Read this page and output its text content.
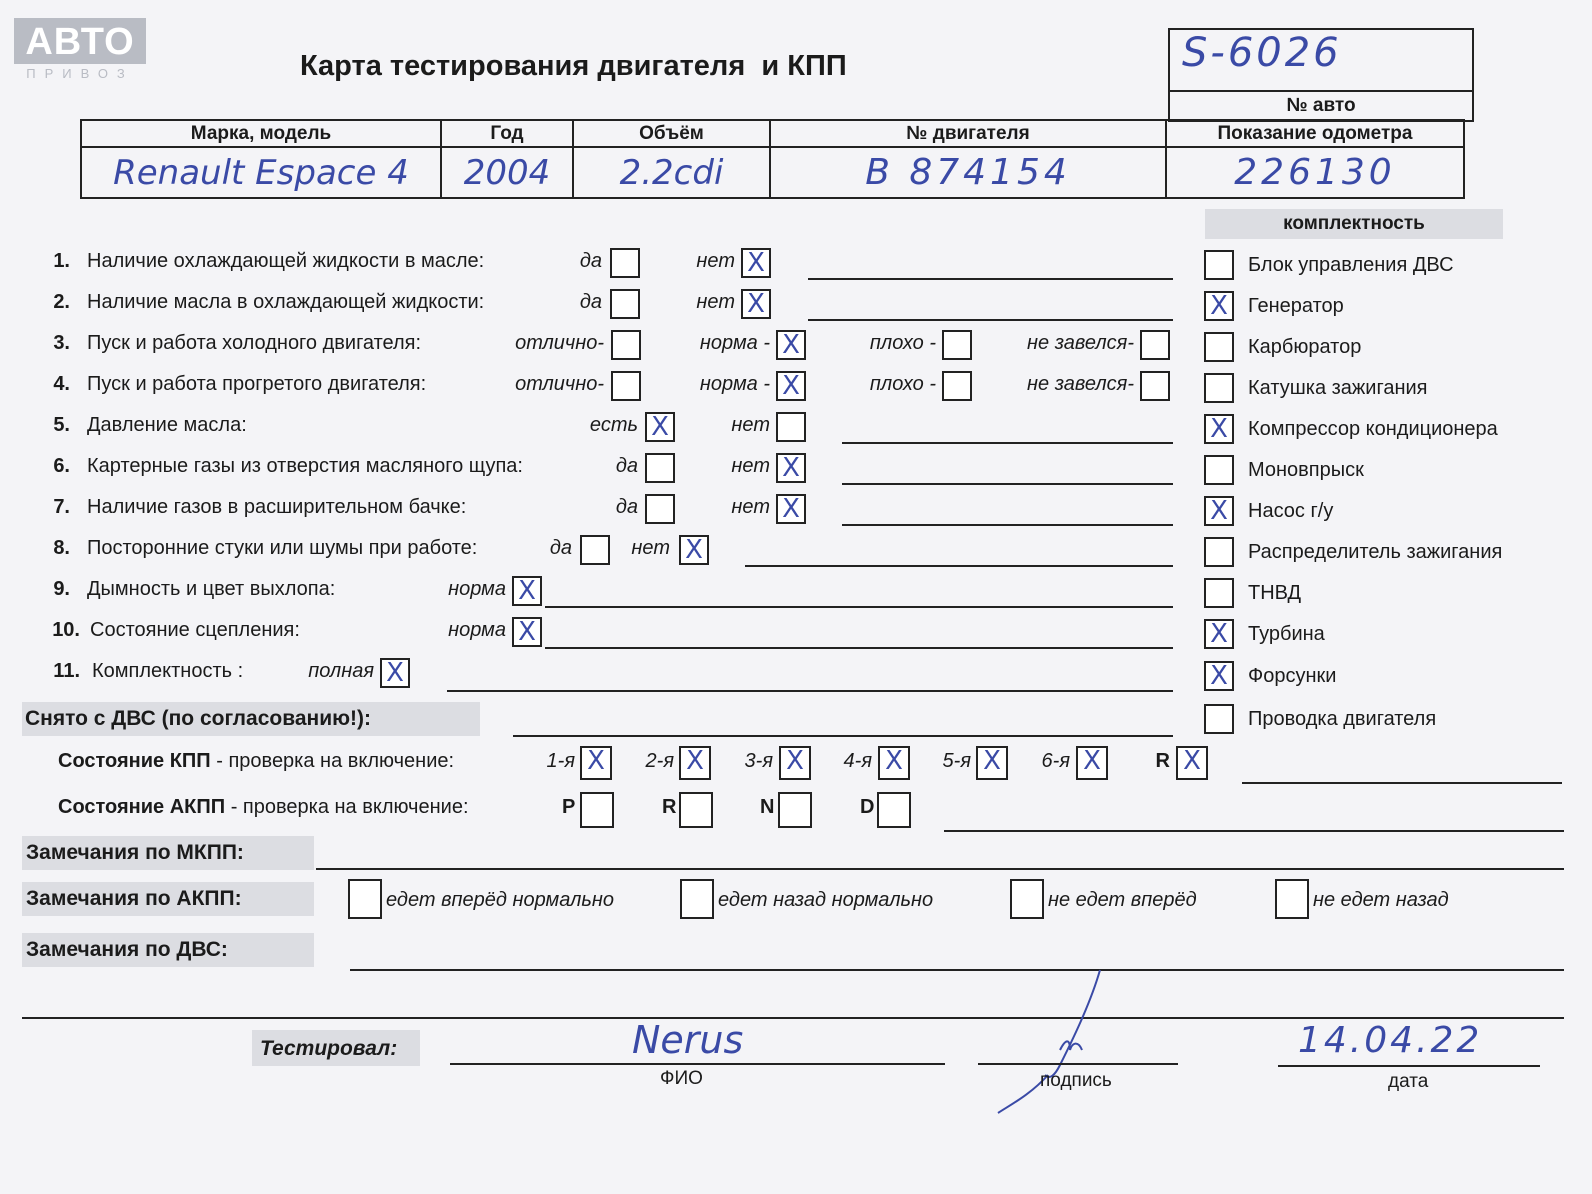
АВТО
ПРИВОЗ	Карта тестирования двигателя  и КПП	S-6026
№ авто
Марка, модель	Год	Объём	№ двигателя	Показание одометра
Renault Espace 4	2004	2.2cdi	B 874154	226130
1. Наличие охлаждающей жидкости в масле:	да	нет X
2. Наличие масла в охлаждающей жидкости:	да	нет X
3. Пуск и работа холодного двигателя:	отлично-	норма - X	плохо -	не завелся-
4. Пуск и работа прогретого двигателя:	отлично-	норма - X	плохо -	не завелся-
5. Давление масла:	есть X	нет
6. Картерные газы из отверстия масляного щупа:	да	нет X
7. Наличие газов в расширительном бачке:	да	нет X
8. Посторонние стуки или шумы при работе:	да	нет X
9. Дымность и цвет выхлопа:	норма X
10. Состояние сцепления:	норма X
11. Комплектность :	полная X
Снято с ДВС (по согласованию!):
комплектность
Блок управления ДВС
X	Генератор
Карбюратор
Катушка зажигания
X	Компрессор кондиционера
Моновпрыск
X	Насос г/у
Распределитель зажигания
ТНВД
X	Турбина
X	Форсунки
Проводка двигателя
Состояние КПП - проверка на включение:	1-я X	2-я X	3-я X	4-я X	5-я X	6-я X	R X
Состояние АКПП - проверка на включение:	P	R	N	D
Замечания по МКПП:
Замечания по АКПП:	едет вперёд нормально	едет назад нормально	не едет вперёд	не едет назад
Замечания по ДВС:
Тестировал:	Nerus
ФИО	подпись
14.04.22
дата
